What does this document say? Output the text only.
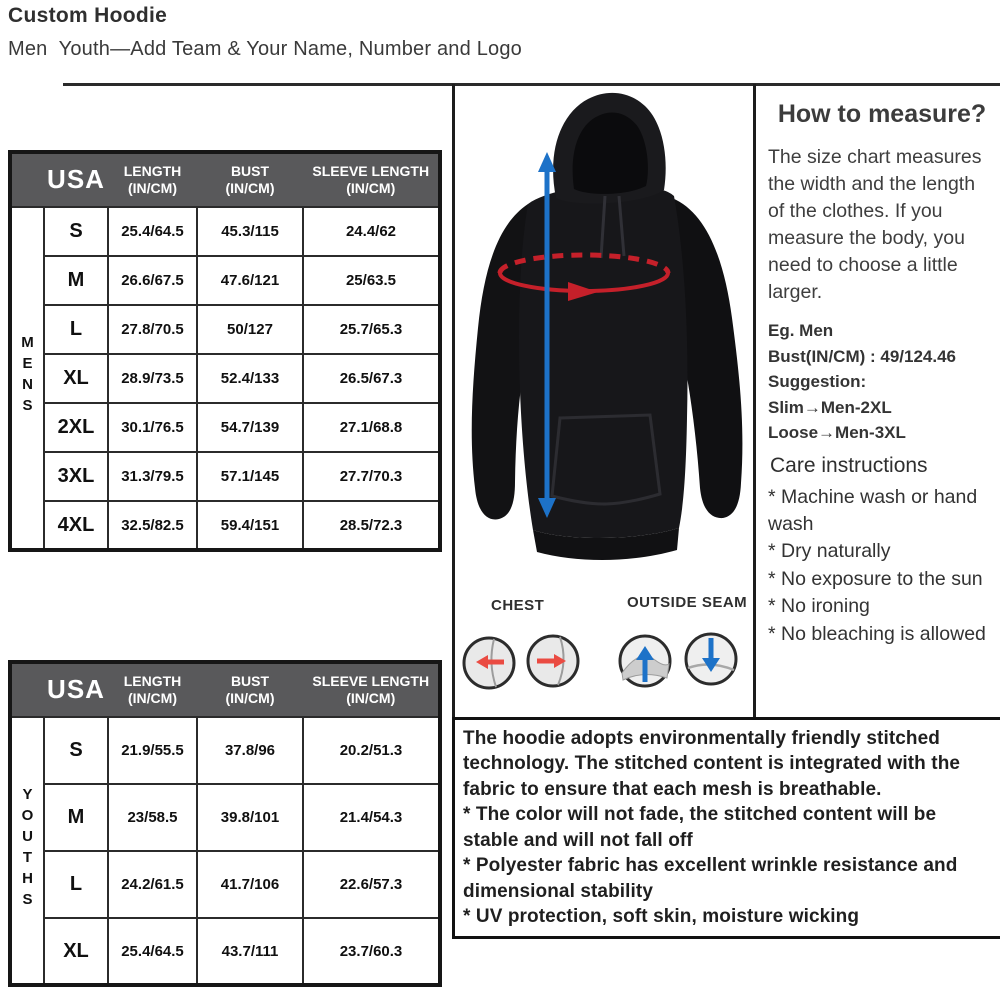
Custom Hoodie
Men  Youth—Add Team & Your Name, Number and Logo
	USA	LENGTH (IN/CM)	BUST (IN/CM)	SLEEVE LENGTH (IN/CM)
MENS	S	25.4/64.5	45.3/115	24.4/62
	M	26.6/67.5	47.6/121	25/63.5
	L	27.8/70.5	50/127	25.7/65.3
	XL	28.9/73.5	52.4/133	26.5/67.3
	2XL	30.1/76.5	54.7/139	27.1/68.8
	3XL	31.3/79.5	57.1/145	27.7/70.3
	4XL	32.5/82.5	59.4/151	28.5/72.3
	USA	LENGTH (IN/CM)	BUST (IN/CM)	SLEEVE LENGTH (IN/CM)
YOUTHS	S	21.9/55.5	37.8/96	20.2/51.3
	M	23/58.5	39.8/101	21.4/54.3
	L	24.2/61.5	41.7/106	22.6/57.3
	XL	25.4/64.5	43.7/111	23.7/60.3
CHEST	OUTSIDE SEAM
How to measure?
The size chart measures the width and the length of the clothes. If you measure the body, you need to choose a little larger.
Eg. Men
Bust(IN/CM) : 49/124.46
Suggestion:
Slim→Men-2XL
Loose→Men-3XL
Care instructions
* Machine wash or hand wash
* Dry naturally
* No exposure to the sun
* No ironing
* No bleaching is allowed
The hoodie adopts environmentally friendly stitched technology. The stitched content is integrated with the fabric to ensure that each mesh is breathable.
* The color will not fade, the stitched content will be stable and will not fall off
* Polyester fabric has excellent wrinkle resistance and dimensional stability
* UV protection, soft skin, moisture wicking
